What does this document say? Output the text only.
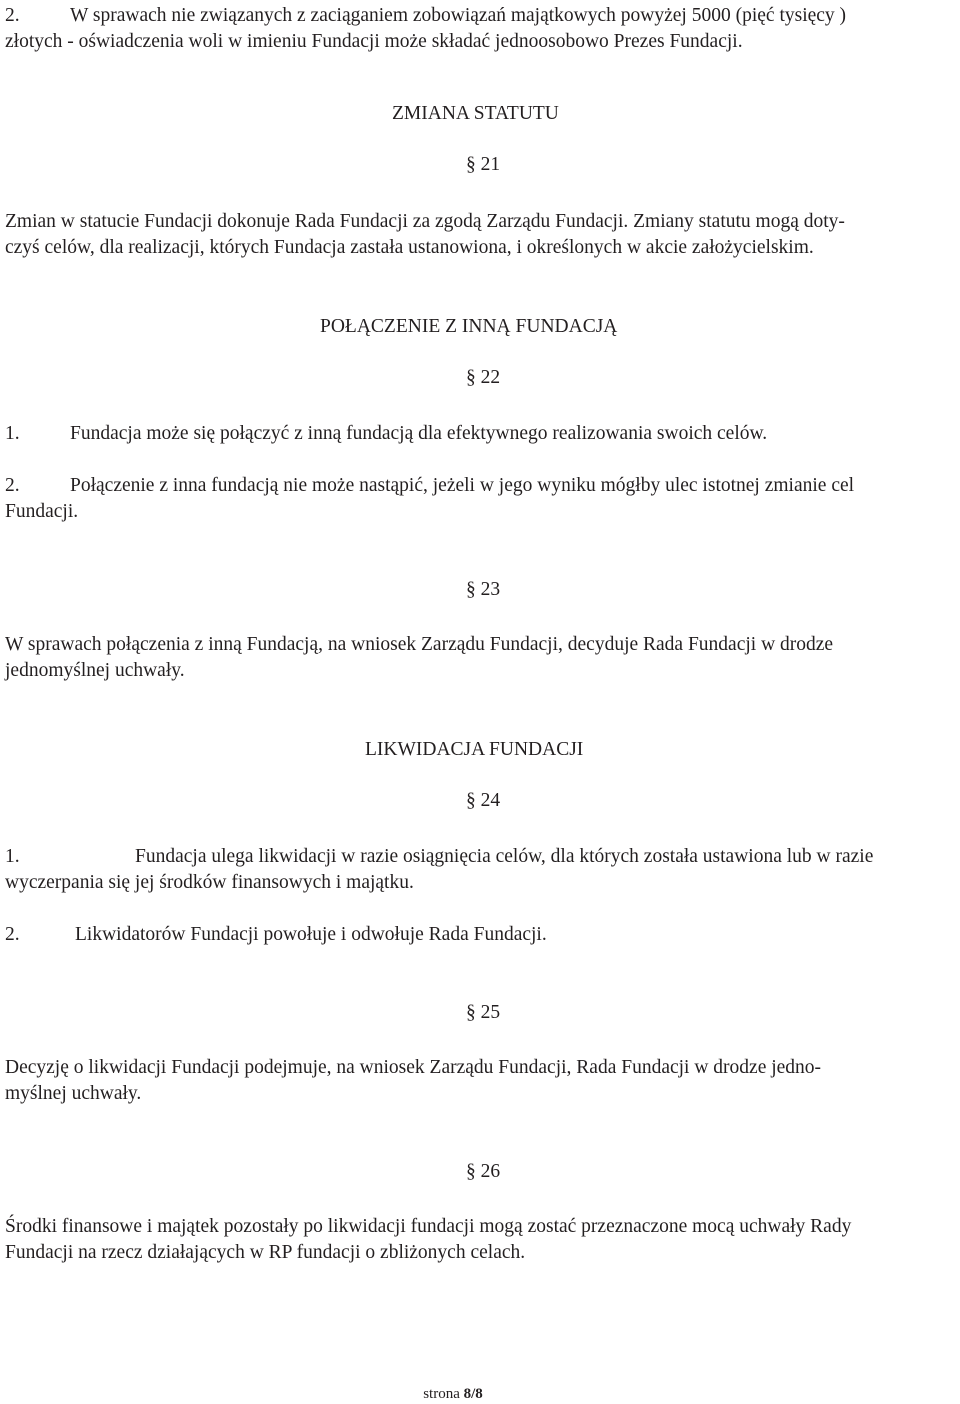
2.	W sprawach nie związanych z zaciąganiem zobowiązań majątkowych powyżej 5000 (pięć tysięcy )

złotych - oświadczenia woli w imieniu Fundacji może składać jednoosobowo Prezes Fundacji.

ZMIANA STATUTU

§ 21

Zmian w statucie Fundacji dokonuje Rada Fundacji za zgodą Zarządu Fundacji. Zmiany statutu mogą doty-

czyś celów, dla realizacji, których Fundacja zastała ustanowiona, i określonych w akcie założycielskim.

POŁĄCZENIE Z INNĄ FUNDACJĄ

§ 22

1.	Fundacja może się połączyć z inną fundacją dla efektywnego realizowania swoich celów.

2.	Połączenie z inna fundacją nie może nastąpić, jeżeli w jego wyniku mógłby ulec istotnej zmianie cel

Fundacji.

§ 23

W sprawach połączenia z inną Fundacją, na wniosek Zarządu Fundacji, decyduje Rada Fundacji w drodze

jednomyślnej uchwały.

LIKWIDACJA FUNDACJI

§ 24

1.	Fundacja ulega likwidacji w razie osiągnięcia celów, dla których została ustawiona lub w razie

wyczerpania się jej środków finansowych i majątku.

2.	Likwidatorów Fundacji powołuje i odwołuje Rada Fundacji.

§ 25

Decyzję o likwidacji Fundacji podejmuje, na wniosek Zarządu Fundacji, Rada Fundacji w drodze jedno-

myślnej uchwały.

§ 26

Środki finansowe i majątek pozostały po likwidacji fundacji mogą zostać przeznaczone mocą uchwały Rady

Fundacji na rzecz działających w RP fundacji o zbliżonych celach.

strona 8/8
